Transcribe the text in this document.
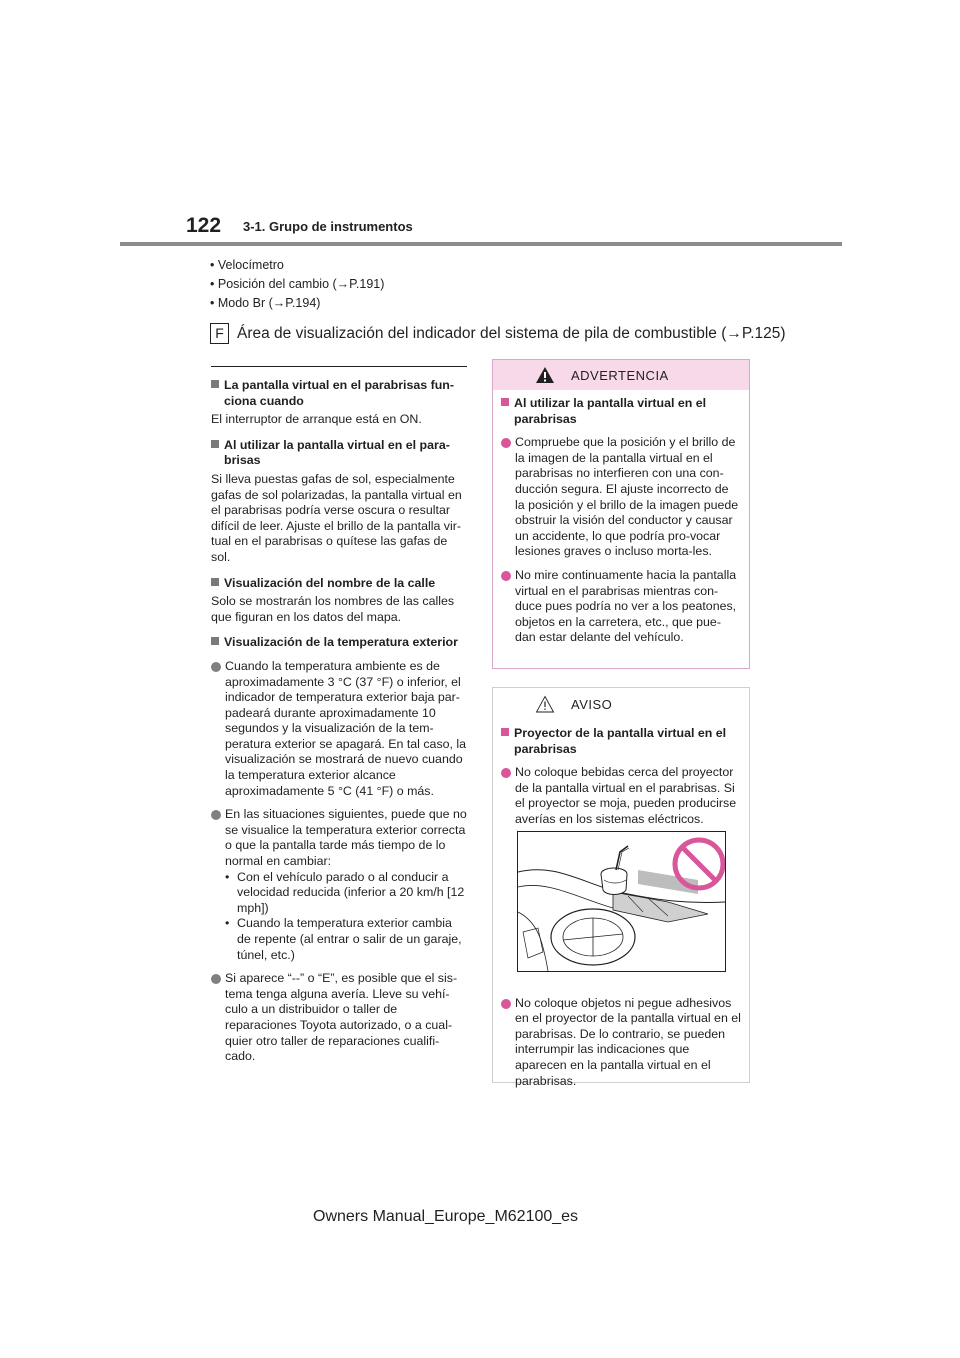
122 3-1. Grupo de instrumentos
• Velocímetro
• Posición del cambio (→P.191)
• Modo Br (→P.194)
F Área de visualización del indicador del sistema de pila de combustible (→P.125)
La pantalla virtual en el parabrisas fun-ciona cuando
El interruptor de arranque está en ON.
Al utilizar la pantalla virtual en el para-brisas
Si lleva puestas gafas de sol, especialmente gafas de sol polarizadas, la pantalla virtual en el parabrisas podría verse oscura o resultar difícil de leer. Ajuste el brillo de la pantalla vir-tual en el parabrisas o quítese las gafas de sol.
Visualización del nombre de la calle
Solo se mostrarán los nombres de las calles que figuran en los datos del mapa.
Visualización de la temperatura exterior
Cuando la temperatura ambiente es de aproximadamente 3 °C (37 °F) o inferior, el indicador de temperatura exterior baja par-padeará durante aproximadamente 10 segundos y la visualización de la tem-peratura exterior se apagará. En tal caso, la visualización se mostrará de nuevo cuando la temperatura exterior alcance aproximadamente 5 °C (41 °F) o más.
En las situaciones siguientes, puede que no se visualice la temperatura exterior correcta o que la pantalla tarde más tiempo de lo normal en cambiar:
• Con el vehículo parado o al conducir a velocidad reducida (inferior a 20 km/h [12 mph])
• Cuando la temperatura exterior cambia de repente (al entrar o salir de un garaje, túnel, etc.)
Si aparece “--” o “E”, es posible que el sis-tema tenga alguna avería. Lleve su vehí-culo a un distribuidor o taller de reparaciones Toyota autorizado, o a cual-quier otro taller de reparaciones cualifi-cado.
ADVERTENCIA
Al utilizar la pantalla virtual en el parabrisas
Compruebe que la posición y el brillo de la imagen de la pantalla virtual en el parabrisas no interfieren con una con-ducción segura. El ajuste incorrecto de la posición y el brillo de la imagen puede obstruir la visión del conductor y causar un accidente, lo que podría pro-vocar lesiones graves o incluso morta-les.
No mire continuamente hacia la pantalla virtual en el parabrisas mientras con-duce pues podría no ver a los peatones, objetos en la carretera, etc., que pue-dan estar delante del vehículo.
AVISO
Proyector de la pantalla virtual en el parabrisas
No coloque bebidas cerca del proyector de la pantalla virtual en el parabrisas. Si el proyector se moja, pueden producirse averías en los sistemas eléctricos.
No coloque objetos ni pegue adhesivos en el proyector de la pantalla virtual en el parabrisas. De lo contrario, se pueden interrumpir las indicaciones que aparecen en la pantalla virtual en el parabrisas.
Owners Manual_Europe_M62100_es
